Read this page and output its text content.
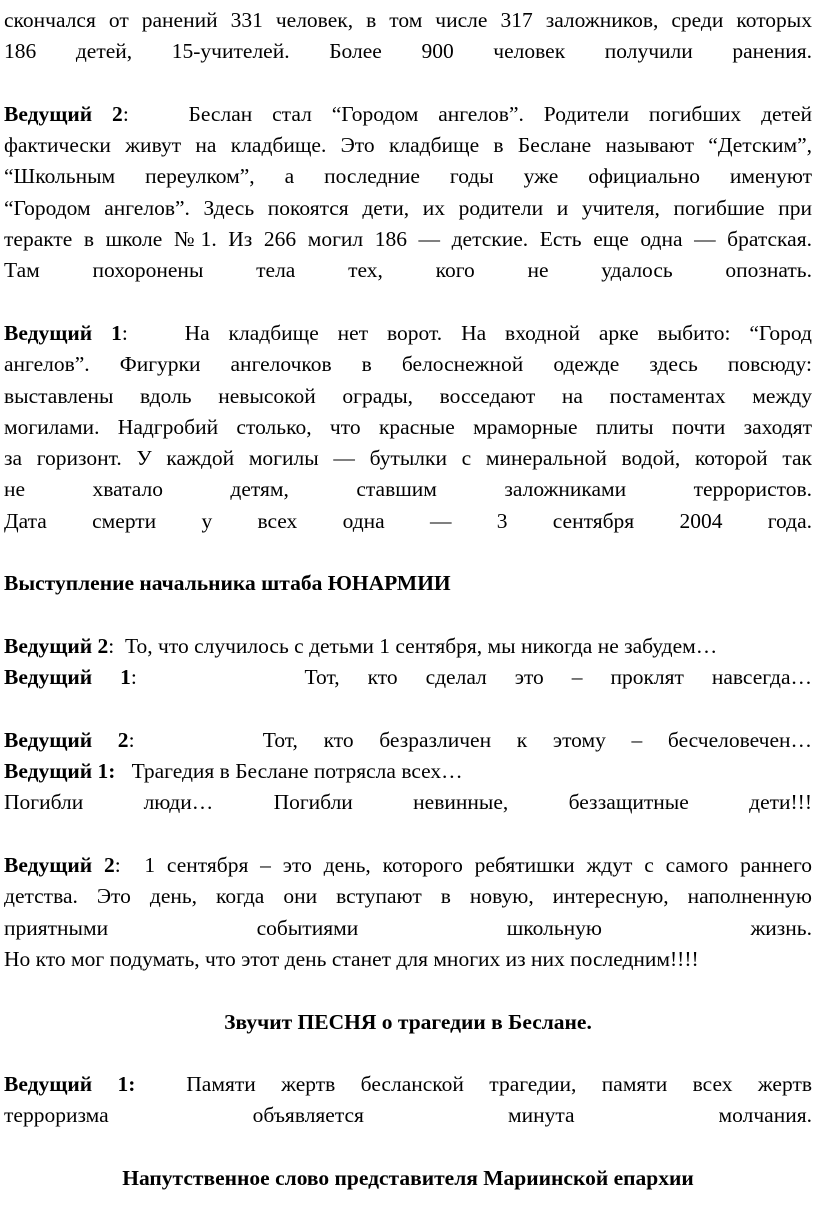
скончался от ранений 331 человек, в том числе 317 заложников, среди которых
186 детей, 15-учителей. Более 900 человек получили ранения.
Ведущий 2:	Беслан стал “Городом ангелов”. Родители погибших детей
фактически живут на кладбище. Это кладбище в Беслане называют “Детским”,
“Школьным переулком”, а последние годы уже официально именуют
“Городом ангелов”. Здесь покоятся дети, их родители и учителя, погибшие при
теракте в школе №1. Из 266 могил 186 — детские. Есть еще одна — братская.
Там похоронены тела тех, кого не удалось опознать.
Ведущий 1:	На кладбище нет ворот. На входной арке выбито: “Город
ангелов”. Фигурки ангелочков в белоснежной одежде здесь повсюду:
выставлены вдоль невысокой ограды, восседают на постаментах между
могилами. Надгробий столько, что красные мраморные плиты почти заходят
за горизонт. У каждой могилы — бутылки с минеральной водой, которой так
не хватало детям, ставшим заложниками террористов.
Дата смерти у всех одна — 3 сентября 2004 года.
Выступление начальника штаба ЮНАРМИИ
Ведущий 2: То, что случилось с детьми 1 сентября, мы никогда не забудем…
Ведущий 1:	Тот, кто сделал это – проклят навсегда…
Ведущий 2:	Тот, кто безразличен к этому – бесчеловечен…
Ведущий 1: Трагедия в Беслане потрясла всех…
Погибли люди… Погибли невинные, беззащитные дети!!!
Ведущий 2: 1 сентября – это день, которого ребятишки ждут с самого раннего
детства. Это день, когда они вступают в новую, интересную, наполненную
приятными событиями школьную жизнь.
Но кто мог подумать, что этот день станет для многих из них последним!!!!
Звучит ПЕСНЯ о трагедии в Беслане.
Ведущий 1: Памяти жертв бесланской трагедии, памяти всех жертв
терроризма объявляется минута молчания.
Напутственное слово представителя Мариинской епархии
